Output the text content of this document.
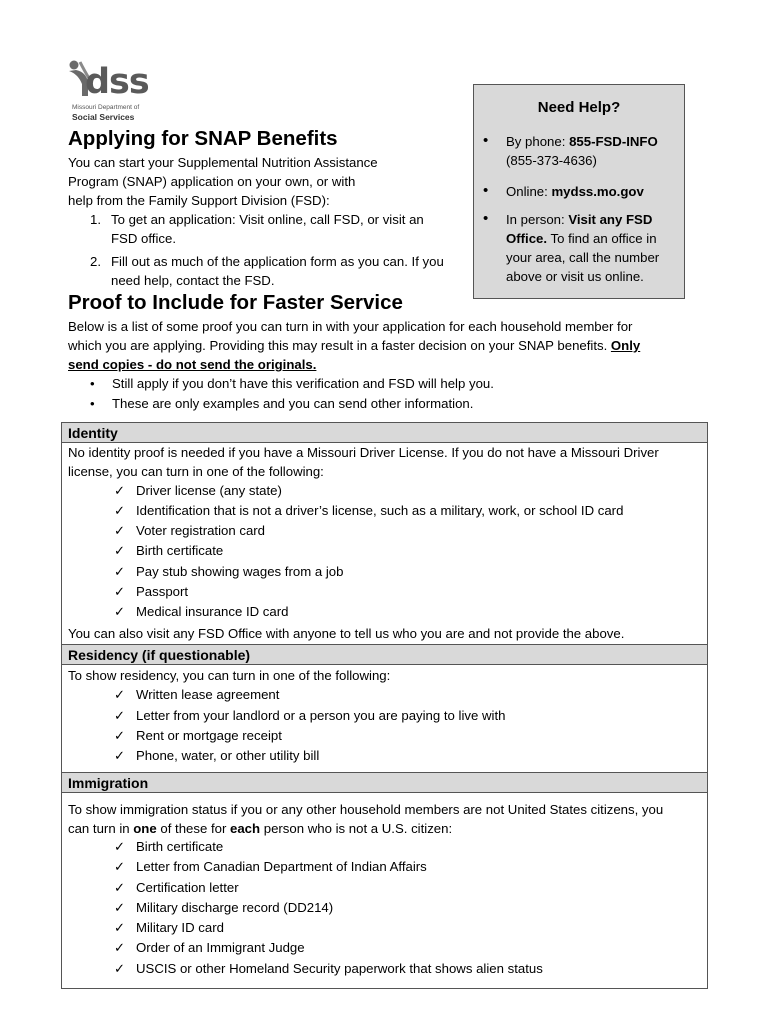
dss
Missouri Department of
Social Services
Applying for SNAP Benefits
You can start your Supplemental Nutrition Assistance
Program (SNAP) application on your own, or with
help from the Family Support Division (FSD):
1. To get an application: Visit online, call FSD, or visit an
FSD office.
2. Fill out as much of the application form as you can. If you
need help, contact the FSD.
Need Help?
• By phone: 855-FSD-INFO
(855-373-4636)
• Online: mydss.mo.gov
• In person: Visit any FSD
Office. To find an office in
your area, call the number
above or visit us online.
Proof to Include for Faster Service
Below is a list of some proof you can turn in with your application for each household member for
which you are applying. Providing this may result in a faster decision on your SNAP benefits. Only
send copies - do not send the originals.
• Still apply if you don’t have this verification and FSD will help you.
• These are only examples and you can send other information.
Identity
No identity proof is needed if you have a Missouri Driver License. If you do not have a Missouri Driver
license, you can turn in one of the following:
✓ Driver license (any state)
✓ Identification that is not a driver’s license, such as a military, work, or school ID card
✓ Voter registration card
✓ Birth certificate
✓ Pay stub showing wages from a job
✓ Passport
✓ Medical insurance ID card
You can also visit any FSD Office with anyone to tell us who you are and not provide the above.
Residency (if questionable)
To show residency, you can turn in one of the following:
✓ Written lease agreement
✓ Letter from your landlord or a person you are paying to live with
✓ Rent or mortgage receipt
✓ Phone, water, or other utility bill
Immigration
To show immigration status if you or any other household members are not United States citizens, you
can turn in one of these for each person who is not a U.S. citizen:
✓ Birth certificate
✓ Letter from Canadian Department of Indian Affairs
✓ Certification letter
✓ Military discharge record (DD214)
✓ Military ID card
✓ Order of an Immigrant Judge
✓ USCIS or other Homeland Security paperwork that shows alien status
